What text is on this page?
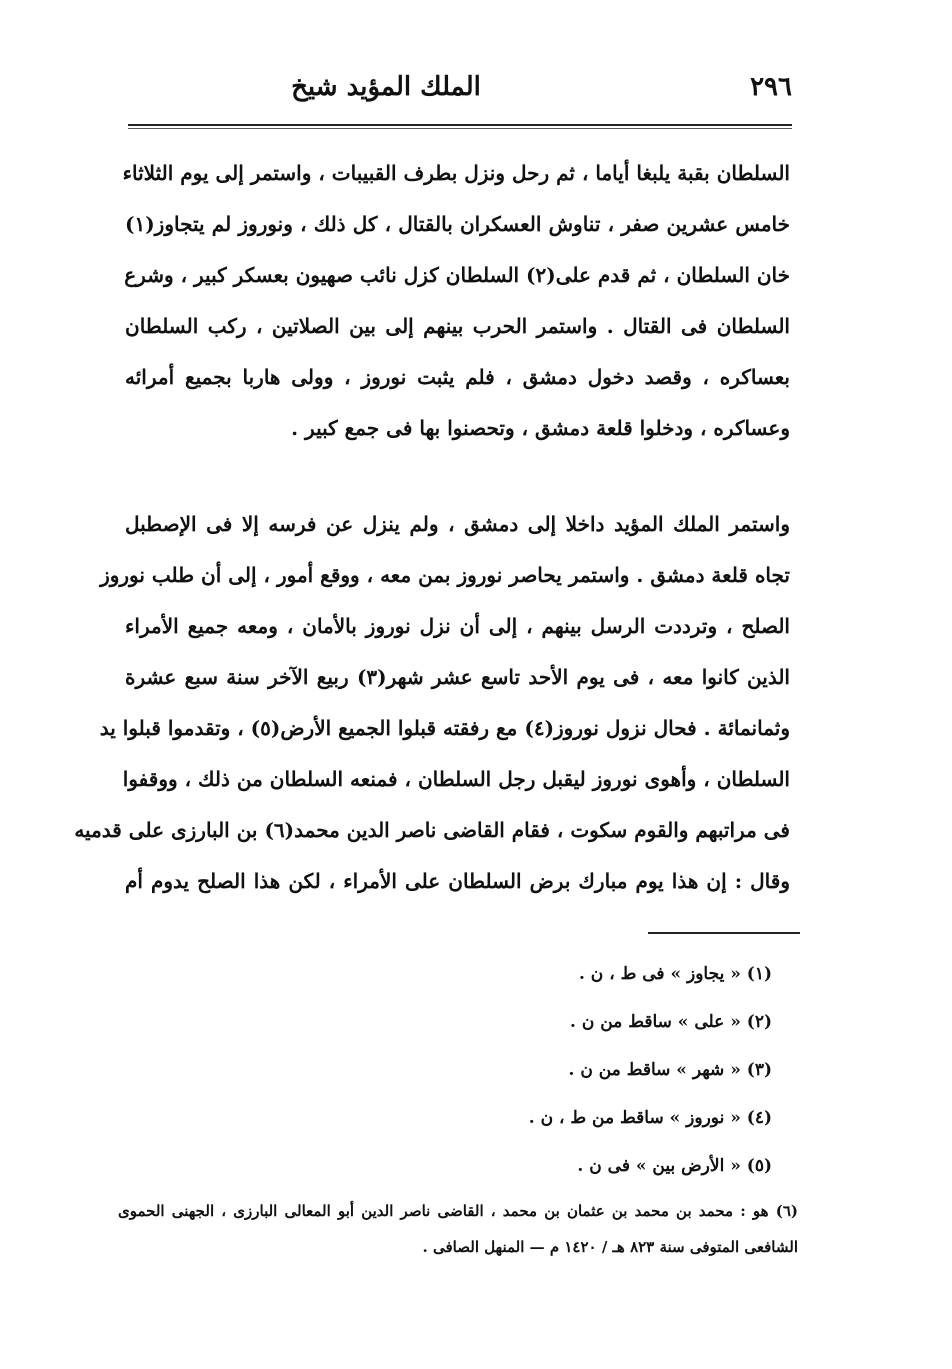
٢٩٦
الملك المؤيد شيخ
السلطان بقبة يلبغا أياما ، ثم رحل ونزل بطرف القبيبات ، واستمر إلى يوم الثلاثاء
خامس عشرين صفر ، تناوش العسكران بالقتال ، كل ذلك ، ونوروز لم يتجاوز(١)
خان السلطان ، ثم قدم على(٢) السلطان كزل نائب صهيون بعسكر كبير ، وشرع
السلطان فى القتال . واستمر الحرب بينهم إلى بين الصلاتين ، ركب السلطان
بعساكره ، وقصد دخول دمشق ، فلم يثبت نوروز ، وولى هاربا بجميع أمرائه
وعساكره ، ودخلوا قلعة دمشق ، وتحصنوا بها فى جمع كبير .
واستمر الملك المؤيد داخلا إلى دمشق ، ولم ينزل عن فرسه إلا فى الإصطبل
تجاه قلعة دمشق . واستمر يحاصر نوروز بمن معه ، ووقع أمور ، إلى أن طلب نوروز
الصلح ، وترددت الرسل بينهم ، إلى أن نزل نوروز بالأمان ، ومعه جميع الأمراء
الذين كانوا معه ، فى يوم الأحد تاسع عشر شهر(٣) ربيع الآخر سنة سبع عشرة
وثمانمائة . فحال نزول نوروز(٤) مع رفقته قبلوا الجميع الأرض(٥) ، وتقدموا قبلوا يد
السلطان ، وأهوى نوروز ليقبل رجل السلطان ، فمنعه السلطان من ذلك ، ووقفوا
فى مراتبهم والقوم سكوت ، فقام القاضى ناصر الدين محمد(٦) بن البارزى على قدميه
وقال : إن هذا يوم مبارك برض السلطان على الأمراء ، لكن هذا الصلح يدوم أم
(١) « يجاوز » فى ط ، ن .
(٢) « على » ساقط من ن .
(٣) « شهر » ساقط من ن .
(٤) « نوروز » ساقط من ط ، ن .
(٥) « الأرض بين » فى ن .
(٦) هو : محمد بن محمد بن عثمان بن محمد ، القاضى ناصر الدين أبو المعالى البارزى ، الجهنى الحموى
الشافعى المتوفى سنة ٨٢٣ هـ / ١٤٢٠ م — المنهل الصافى .
